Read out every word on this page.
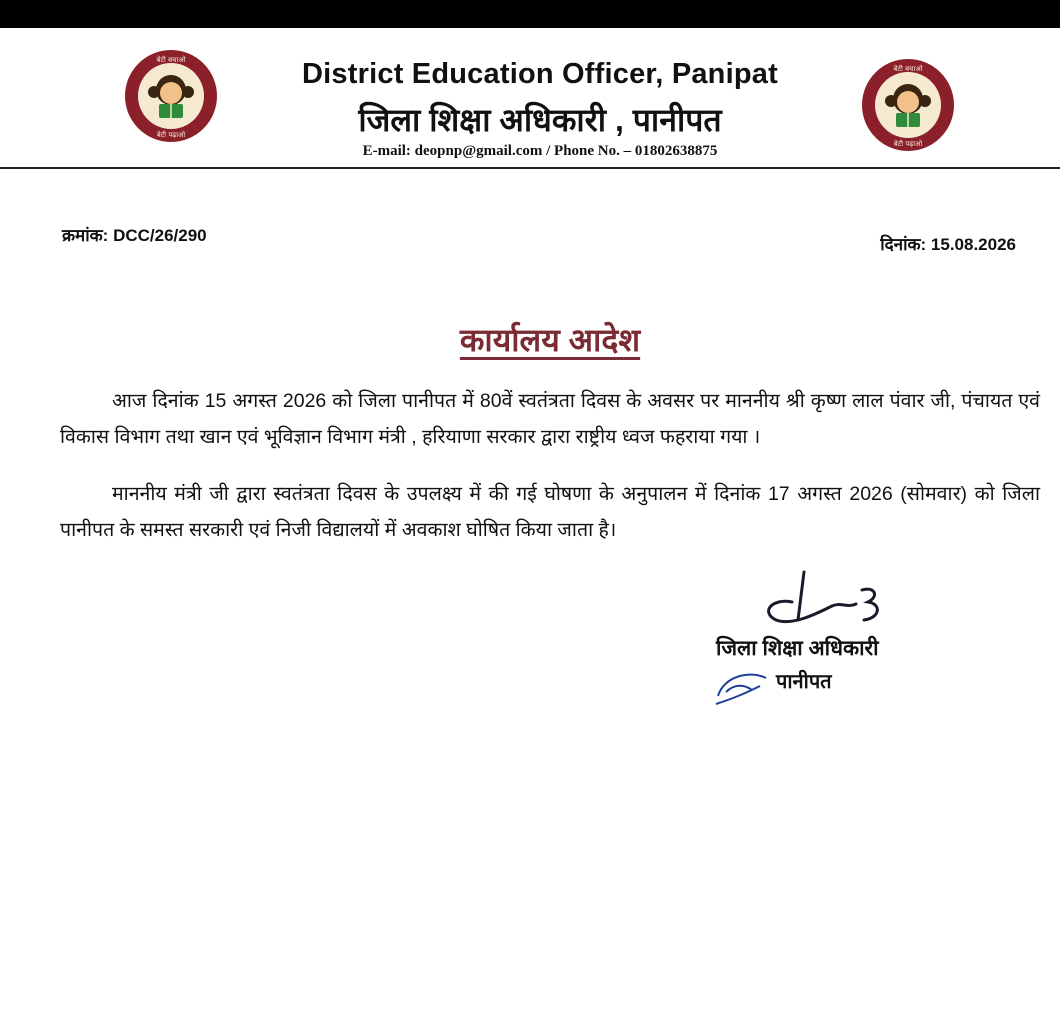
बेटी बचाओ
बेटी पढ़ाओ
बेटी बचाओ
बेटी पढ़ाओ
District Education Officer, Panipat
जिला शिक्षा अधिकारी , पानीपत
E-mail: deopnp@gmail.com / Phone No. – 01802638875
क्रमांक: DCC/26/290	दिनांक: 15.08.2026
कार्यालय आदेश

आज दिनांक 15 अगस्त 2026 को जिला पानीपत में 80वें स्वतंत्रता दिवस के अवसर पर माननीय श्री कृष्ण लाल पंवार जी, पंचायत एवं विकास विभाग तथा खान एवं भूविज्ञान विभाग मंत्री , हरियाणा सरकार द्वारा राष्ट्रीय ध्वज फहराया गया ।

माननीय मंत्री जी द्वारा स्वतंत्रता दिवस के उपलक्ष्य में की गई घोषणा के अनुपालन में दिनांक 17 अगस्त 2026 (सोमवार) को जिला पानीपत के समस्त सरकारी एवं निजी विद्यालयों में अवकाश घोषित किया जाता है।

जिला शिक्षा अधिकारी
पानीपत
